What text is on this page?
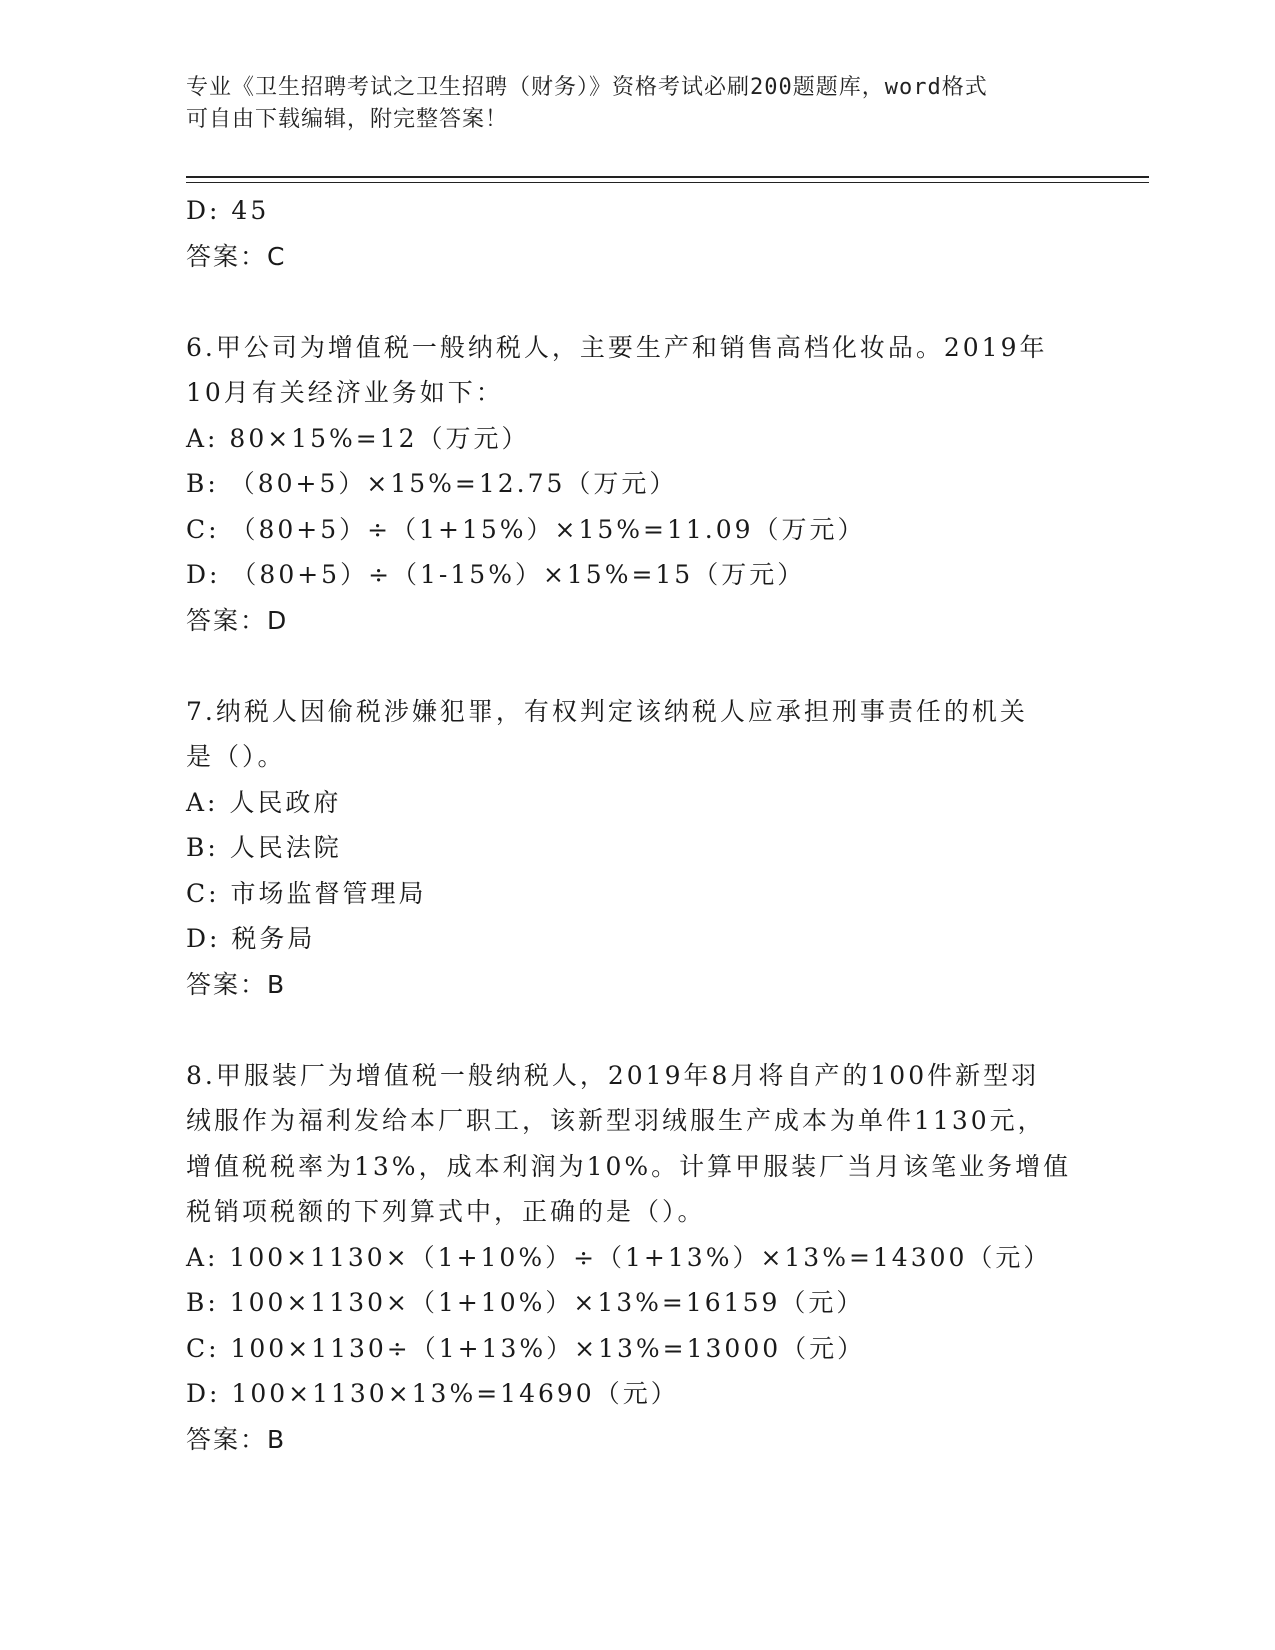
专业《卫生招聘考试之卫生招聘（财务）》资格考试必刷200题题库，word格式
可自由下载编辑，附完整答案！
D: 45
答案：C
6.甲公司为增值税一般纳税人，主要生产和销售高档化妆品。2019年
10月有关经济业务如下：
A: 80×15%=12（万元）
B: （80+5）×15%=12.75（万元）
C: （80+5）÷（1+15%）×15%=11.09（万元）
D: （80+5）÷（1-15%）×15%=15（万元）
答案：D
7.纳税人因偷税涉嫌犯罪，有权判定该纳税人应承担刑事责任的机关
是（）。
A: 人民政府
B: 人民法院
C: 市场监督管理局
D: 税务局
答案：B
8.甲服装厂为增值税一般纳税人，2019年8月将自产的100件新型羽
绒服作为福利发给本厂职工，该新型羽绒服生产成本为单件1130元，
增值税税率为13%，成本利润为10%。计算甲服装厂当月该笔业务增值
税销项税额的下列算式中，正确的是（）。
A: 100×1130×（1+10%）÷（1+13%）×13%=14300（元）
B: 100×1130×（1+10%）×13%=16159（元）
C: 100×1130÷（1+13%）×13%=13000（元）
D: 100×1130×13%=14690（元）
答案：B
